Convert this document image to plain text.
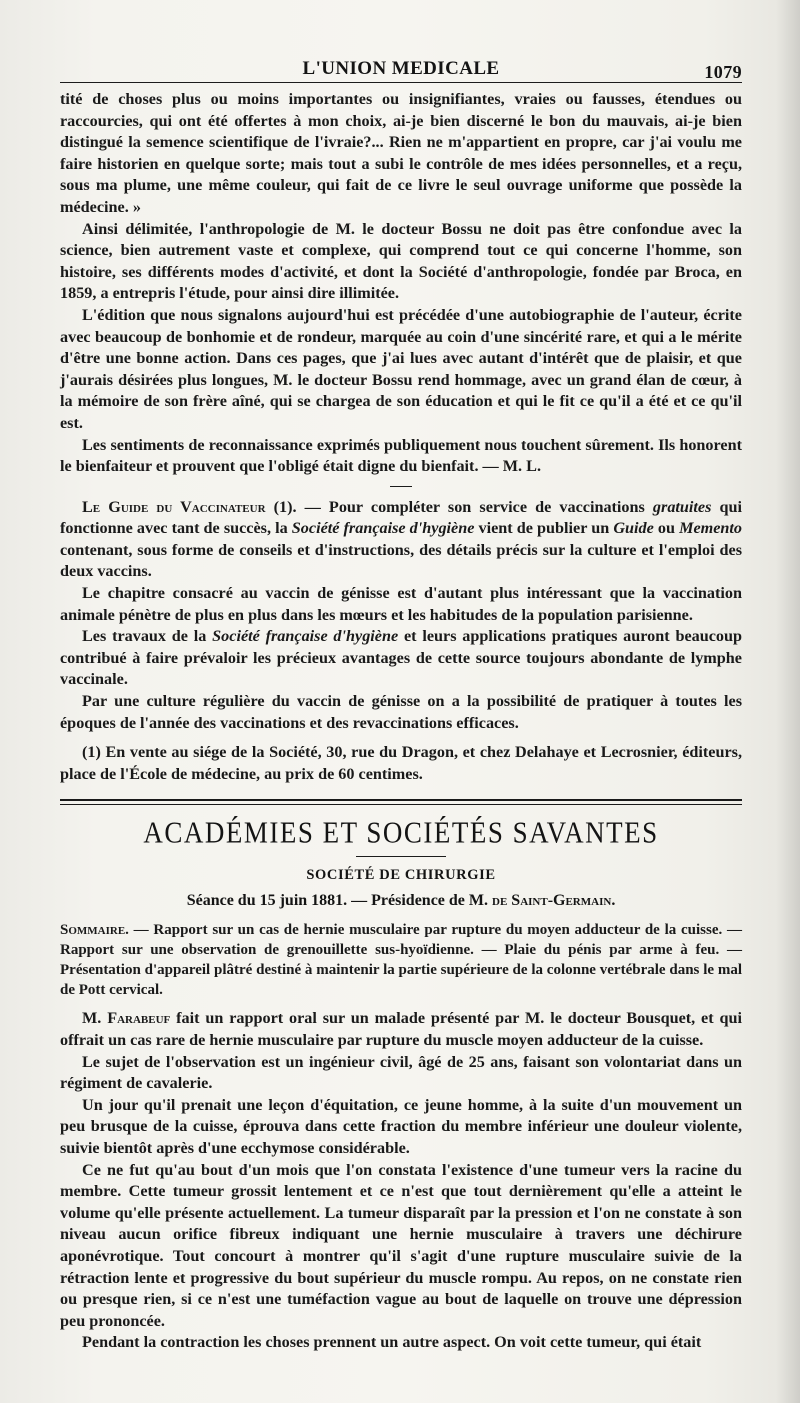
L'UNION MEDICALE	1079

tité de choses plus ou moins importantes ou insignifiantes, vraies ou fausses, étendues ou raccourcies, qui ont été offertes à mon choix, ai-je bien discerné le bon du mauvais, ai-je bien distingué la semence scientifique de l'ivraie?... Rien ne m'appartient en propre, car j'ai voulu me faire historien en quelque sorte; mais tout a subi le contrôle de mes idées personnelles, et a reçu, sous ma plume, une même couleur, qui fait de ce livre le seul ouvrage uniforme que possède la médecine. »

Ainsi délimitée, l'anthropologie de M. le docteur Bossu ne doit pas être confondue avec la science, bien autrement vaste et complexe, qui comprend tout ce qui concerne l'homme, son histoire, ses différents modes d'activité, et dont la Société d'anthropologie, fondée par Broca, en 1859, a entrepris l'étude, pour ainsi dire illimitée.

L'édition que nous signalons aujourd'hui est précédée d'une autobiographie de l'auteur, écrite avec beaucoup de bonhomie et de rondeur, marquée au coin d'une sincérité rare, et qui a le mérite d'être une bonne action. Dans ces pages, que j'ai lues avec autant d'intérêt que de plaisir, et que j'aurais désirées plus longues, M. le docteur Bossu rend hommage, avec un grand élan de cœur, à la mémoire de son frère aîné, qui se chargea de son éducation et qui le fit ce qu'il a été et ce qu'il est.

Les sentiments de reconnaissance exprimés publiquement nous touchent sûrement. Ils honorent le bienfaiteur et prouvent que l'obligé était digne du bienfait. — M. L.

Le Guide du Vaccinateur (1). — Pour compléter son service de vaccinations gratuites qui fonctionne avec tant de succès, la Société française d'hygiène vient de publier un Guide ou Memento contenant, sous forme de conseils et d'instructions, des détails précis sur la culture et l'emploi des deux vaccins.

Le chapitre consacré au vaccin de génisse est d'autant plus intéressant que la vaccination animale pénètre de plus en plus dans les mœurs et les habitudes de la population parisienne.

Les travaux de la Société française d'hygiène et leurs applications pratiques auront beaucoup contribué à faire prévaloir les précieux avantages de cette source toujours abondante de lymphe vaccinale.

Par une culture régulière du vaccin de génisse on a la possibilité de pratiquer à toutes les époques de l'année des vaccinations et des revaccinations efficaces.

(1) En vente au siége de la Société, 30, rue du Dragon, et chez Delahaye et Lecrosnier, éditeurs, place de l'École de médecine, au prix de 60 centimes.

ACADÉMIES ET SOCIÉTÉS SAVANTES
SOCIÉTÉ DE CHIRURGIE
Séance du 15 juin 1881. — Présidence de M. de Saint-Germain.

Sommaire. — Rapport sur un cas de hernie musculaire par rupture du moyen adducteur de la cuisse. — Rapport sur une observation de grenouillette sus-hyoïdienne. — Plaie du pénis par arme à feu. — Présentation d'appareil plâtré destiné à maintenir la partie supérieure de la colonne vertébrale dans le mal de Pott cervical.

M. Farabeuf fait un rapport oral sur un malade présenté par M. le docteur Bousquet, et qui offrait un cas rare de hernie musculaire par rupture du muscle moyen adducteur de la cuisse.

Le sujet de l'observation est un ingénieur civil, âgé de 25 ans, faisant son volontariat dans un régiment de cavalerie.

Un jour qu'il prenait une leçon d'équitation, ce jeune homme, à la suite d'un mouvement un peu brusque de la cuisse, éprouva dans cette fraction du membre inférieur une douleur violente, suivie bientôt après d'une ecchymose considérable.

Ce ne fut qu'au bout d'un mois que l'on constata l'existence d'une tumeur vers la racine du membre. Cette tumeur grossit lentement et ce n'est que tout dernièrement qu'elle a atteint le volume qu'elle présente actuellement. La tumeur disparaît par la pression et l'on ne constate à son niveau aucun orifice fibreux indiquant une hernie musculaire à travers une déchirure aponévrotique. Tout concourt à montrer qu'il s'agit d'une rupture musculaire suivie de la rétraction lente et progressive du bout supérieur du muscle rompu. Au repos, on ne constate rien ou presque rien, si ce n'est une tuméfaction vague au bout de laquelle on trouve une dépression peu prononcée.

Pendant la contraction les choses prennent un autre aspect. On voit cette tumeur, qui était
